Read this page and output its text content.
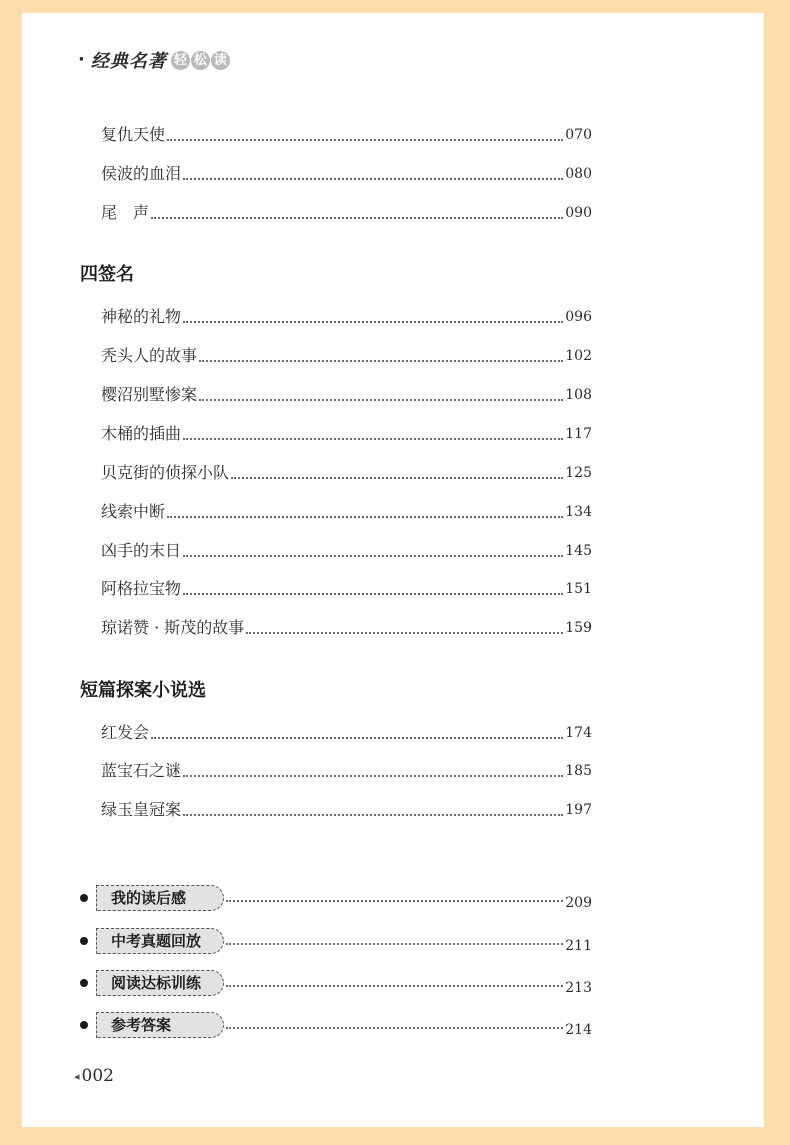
· 经典名著 轻 松 读
复仇天使	070
侯波的血泪	080
尾　声	090
四签名
神秘的礼物	096
秃头人的故事	102
樱沼别墅惨案	108
木桶的插曲	117
贝克街的侦探小队	125
线索中断	134
凶手的末日	145
阿格拉宝物	151
琼诺赞 · 斯茂的故事	159
短篇探案小说选
红发会	174
蓝宝石之谜	185
绿玉皇冠案	197
我的读后感	209
中考真题回放	211
阅读达标训练	213
参考答案	214
◂ 002
